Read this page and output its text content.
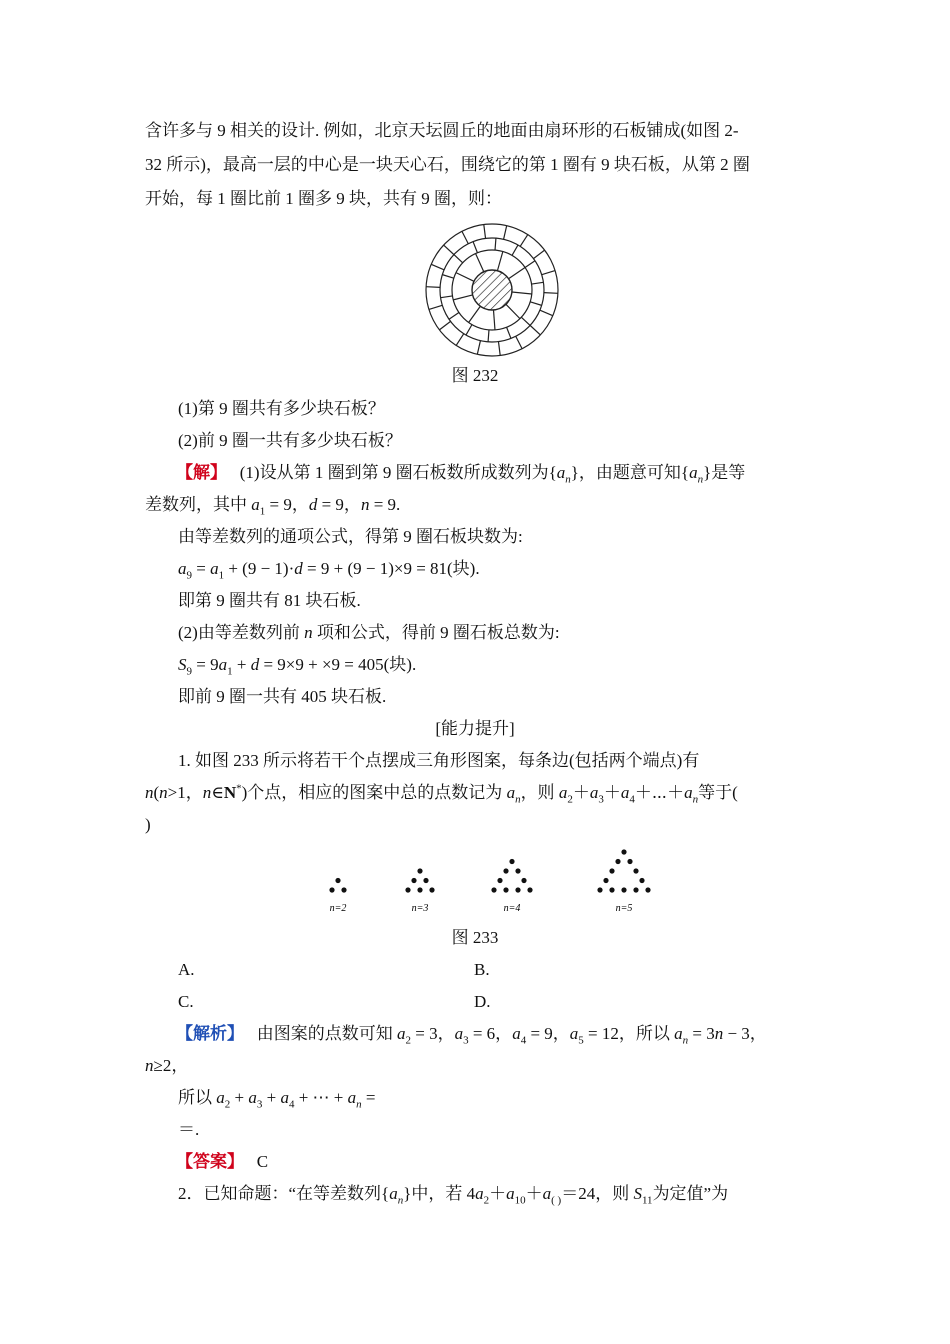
含许多与 9 相关的设计. 例如，北京天坛圆丘的地面由扇环形的石板铺成(如图 2-
32 所示)，最高一层的中心是一块天心石，围绕它的第 1 圈有 9 块石板，从第 2 圈
开始，每 1 圈比前 1 圈多 9 块，共有 9 圈，则：
图 232
(1)第 9 圈共有多少块石板？
(2)前 9 圈一共有多少块石板？
【解】 (1)设从第 1 圈到第 9 圈石板数所成数列为$\{a_n\}$，由题意可知$\{a_n\}$是等
差数列，其中 $a_1 = 9$，d = 9，n = 9.
由等差数列的通项公式，得第 9 圈石板块数为:
$a_9 = a_1 + (9 - 1)\cdot d = 9 + (9 - 1)\times 9 = 81$(块).
即第 9 圈共有 81 块石板.
(2)由等差数列前 n 项和公式，得前 9 圈石板总数为:
$S_9 = 9a_1 + d = 9\times 9 + \times 9 = 405$(块).
即前 9 圈一共有 405 块石板.
[能力提升]
1. 如图 233 所示将若干个点摆成三角形图案，每条边(包括两个端点)有
n(n>1，n∈N*)个点，相应的图案中总的点数记为 $a_n$，则 $a_2+a_3+a_4+\cdots+a_n$等于(
)
n=2	n=3	n=4	n=5
图 233
A.	B.
C.	D.
【解析】   由图案的点数可知 $a_2 = 3$，$a_3 = 6$，$a_4 = 9$，$a_5 = 12$，所以 $a_n = 3n - 3$，
n≥2，
所以 $a_2 + a_3 + a_4$ + ⋯ + $a_n$ =
＝.
【答案】 C
2．已知命题：“在等差数列$\{a_n\}$中，若 $4a_2+a_{10}+a_{( )}=24$，则 $S_{11}$为定值”为
